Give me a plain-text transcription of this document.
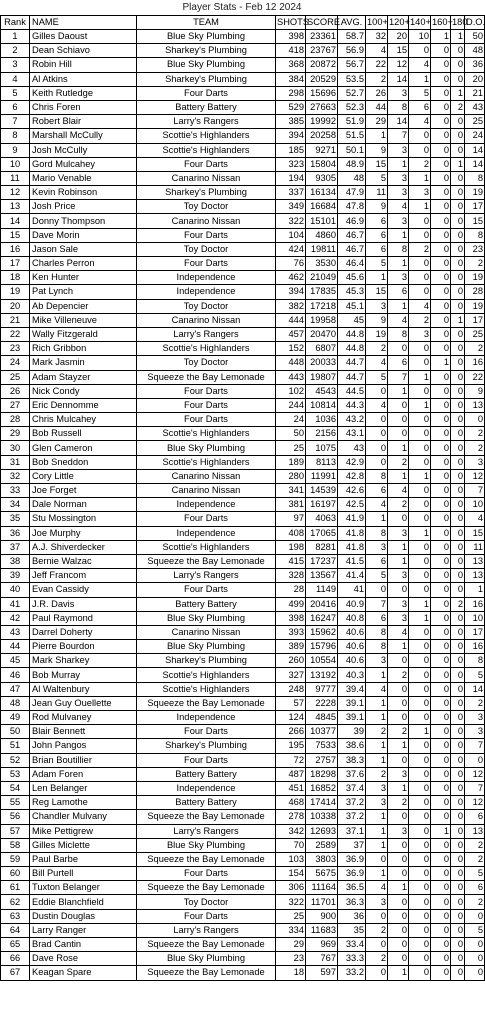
Player Stats - Feb 12 2024
Rank	NAME	TEAM	SHOTS	SCORE	AVG.	100+	120+	140+	160+	180	D.O.
1	Gilles Daoust	Blue Sky Plumbing	398	23361	58.7	32	20	10	1	1	50
2	Dean Schiavo	Sharkey's Plumbing	418	23767	56.9	4	15	0	0	0	48
3	Robin Hill	Blue Sky Plumbing	368	20872	56.7	22	12	4	0	0	36
4	Al Atkins	Sharkey's Plumbing	384	20529	53.5	2	14	1	0	0	20
5	Keith Rutledge	Four Darts	298	15696	52.7	26	3	5	0	1	21
6	Chris Foren	Battery Battery	529	27663	52.3	44	8	6	0	2	43
7	Robert Blair	Larry's Rangers	385	19992	51.9	29	14	4	0	0	25
8	Marshall McCully	Scottie's Highlanders	394	20258	51.5	1	7	0	0	0	24
9	Josh McCully	Scottie's Highlanders	185	9271	50.1	9	3	0	0	0	14
10	Gord Mulcahey	Four Darts	323	15804	48.9	15	1	2	0	1	14
11	Mario Venable	Canarino Nissan	194	9305	48	5	3	1	0	0	8
12	Kevin Robinson	Sharkey's Plumbing	337	16134	47.9	11	3	3	0	0	19
13	Josh Price	Toy Doctor	349	16684	47.8	9	4	1	0	0	17
14	Donny Thompson	Canarino Nissan	322	15101	46.9	6	3	0	0	0	15
15	Dave Morin	Four Darts	104	4860	46.7	6	1	0	0	0	8
16	Jason Sale	Toy Doctor	424	19811	46.7	6	8	2	0	0	23
17	Charles Perron	Four Darts	76	3530	46.4	5	1	0	0	0	2
18	Ken Hunter	Independence	462	21049	45.6	1	3	0	0	0	19
19	Pat Lynch	Independence	394	17835	45.3	15	6	0	0	0	28
20	Ab Depencier	Toy Doctor	382	17218	45.1	3	1	4	0	0	19
21	Mike Villeneuve	Canarino Nissan	444	19958	45	9	4	2	0	1	17
22	Wally Fitzgerald	Larry's Rangers	457	20470	44.8	19	8	3	0	0	25
23	Rich Gribbon	Scottie's Highlanders	152	6807	44.8	2	0	0	0	0	2
24	Mark Jasmin	Toy Doctor	448	20033	44.7	4	6	0	1	0	16
25	Adam Stayzer	Squeeze the Bay Lemonade	443	19807	44.7	5	7	1	0	0	22
26	Nick Condy	Four Darts	102	4543	44.5	0	1	0	0	0	9
27	Eric Dennomme	Four Darts	244	10814	44.3	4	0	1	0	0	13
28	Chris Mulcahey	Four Darts	24	1036	43.2	0	0	0	0	0	0
29	Bob Russell	Scottie's Highlanders	50	2156	43.1	0	0	0	0	0	2
30	Glen Cameron	Blue Sky Plumbing	25	1075	43	0	1	0	0	0	2
31	Bob Sneddon	Scottie's Highlanders	189	8113	42.9	0	2	0	0	0	3
32	Cory Little	Canarino Nissan	280	11991	42.8	8	1	1	0	0	12
33	Joe Forget	Canarino Nissan	341	14539	42.6	6	4	0	0	0	7
34	Dale Norman	Independence	381	16197	42.5	4	2	0	0	0	10
35	Stu Mossington	Four Darts	97	4063	41.9	1	0	0	0	0	4
36	Joe Murphy	Independence	408	17065	41.8	8	3	1	0	0	15
37	A.J. Shiverdecker	Scottie's Highlanders	198	8281	41.8	3	1	0	0	0	11
38	Bernie Walzac	Squeeze the Bay Lemonade	415	17237	41.5	6	1	0	0	0	13
39	Jeff Francom	Larry's Rangers	328	13567	41.4	5	3	0	0	0	13
40	Evan Cassidy	Four Darts	28	1149	41	0	0	0	0	0	1
41	J.R. Davis	Battery Battery	499	20416	40.9	7	3	1	0	2	16
42	Paul Raymond	Blue Sky Plumbing	398	16247	40.8	6	3	1	0	0	10
43	Darrel Doherty	Canarino Nissan	393	15962	40.6	8	4	0	0	0	17
44	Pierre Bourdon	Blue Sky Plumbing	389	15796	40.6	8	1	0	0	0	16
45	Mark Sharkey	Sharkey's Plumbing	260	10554	40.6	3	0	0	0	0	8
46	Bob Murray	Scottie's Highlanders	327	13192	40.3	1	2	0	0	0	5
47	Al Waltenbury	Scottie's Highlanders	248	9777	39.4	4	0	0	0	0	14
48	Jean Guy Ouellette	Squeeze the Bay Lemonade	57	2228	39.1	1	0	0	0	0	2
49	Rod Mulvaney	Independence	124	4845	39.1	1	0	0	0	0	3
50	Blair Bennett	Four Darts	266	10377	39	2	2	1	0	0	3
51	John Pangos	Sharkey's Plumbing	195	7533	38.6	1	1	0	0	0	7
52	Brian Boutillier	Four Darts	72	2757	38.3	1	0	0	0	0	0
53	Adam Foren	Battery Battery	487	18298	37.6	2	3	0	0	0	12
54	Len Belanger	Independence	451	16852	37.4	3	1	0	0	0	7
55	Reg Lamothe	Battery Battery	468	17414	37.2	3	2	0	0	0	12
56	Chandler Mulvany	Squeeze the Bay Lemonade	278	10338	37.2	1	0	0	0	0	6
57	Mike Pettigrew	Larry's Rangers	342	12693	37.1	1	3	0	1	0	13
58	Gilles Miclette	Blue Sky Plumbing	70	2589	37	1	0	0	0	0	2
59	Paul Barbe	Squeeze the Bay Lemonade	103	3803	36.9	0	0	0	0	0	2
60	Bill Purtell	Four Darts	154	5675	36.9	1	0	0	0	0	5
61	Tuxton Belanger	Squeeze the Bay Lemonade	306	11164	36.5	4	1	0	0	0	6
62	Eddie Blanchfield	Toy Doctor	322	11701	36.3	3	0	0	0	0	2
63	Dustin Douglas	Four Darts	25	900	36	0	0	0	0	0	0
64	Larry Ranger	Larry's Rangers	334	11683	35	2	0	0	0	0	5
65	Brad Cantin	Squeeze the Bay Lemonade	29	969	33.4	0	0	0	0	0	0
66	Dave Rose	Blue Sky Plumbing	23	767	33.3	2	0	0	0	0	0
67	Keagan Spare	Squeeze the Bay Lemonade	18	597	33.2	0	1	0	0	0	0
